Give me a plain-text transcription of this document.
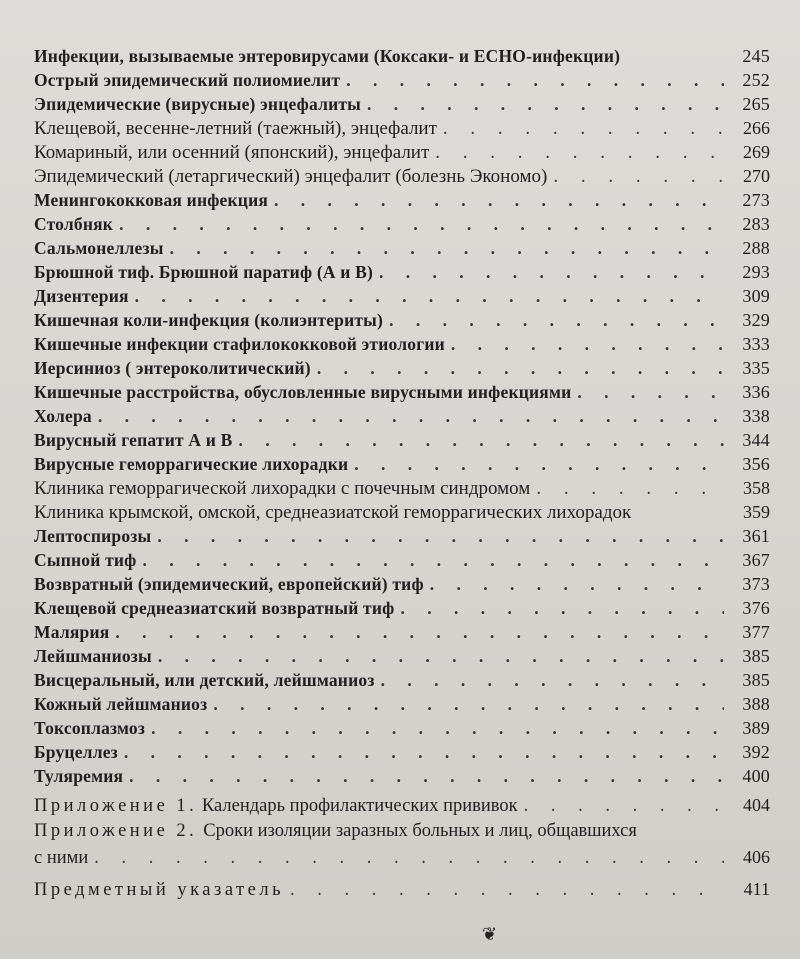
Инфекции, вызываемые энтеровирусами (Коксаки- и ЕСНО-инфекции)	245
Острый эпидемический полиомиелит . . .	252
Эпидемические (вирусные) энцефалиты . . .	265
Клещевой, весенне-летний (таежный), энцефалит . . .	266
Комариный, или осенний (японский), энцефалит . . .	269
Эпидемический (летаргический) энцефалит (болезнь Экономо) . . .	270
Менингококковая инфекция . . .	273
Столбняк . . .	283
Сальмонеллезы . . .	288
Брюшной тиф. Брюшной паратиф (А и В) . . .	293
Дизентерия . . .	309
Кишечная коли-инфекция (колиэнтериты) . . .	329
Кишечные инфекции стафилококковой этиологии . . .	333
Иерсиниоз ( энтероколитический) . . .	335
Кишечные расстройства, обусловленные вирусными инфекциями . . .	336
Холера . . .	338
Вирусный гепатит А и В . . .	344
Вирусные геморрагические лихорадки . . .	356
Клиника геморрагической лихорадки с почечным синдромом . . .	358
Клиника крымской, омской, среднеазиатской геморрагических лихорадок	359
Лептоспирозы . . .	361
Сыпной тиф . . .	367
Возвратный (эпидемический, европейский) тиф . . .	373
Клещевой среднеазиатский возвратный тиф . . .	376
Малярия . . .	377
Лейшманиозы . . .	385
Висцеральный, или детский, лейшманиоз . . .	385
Кожный лейшманиоз . . .	388
Токсоплазмоз . . .	389
Бруцеллез . . .	392
Туляремия . . .	400
Приложение 1. Календарь профилактических прививок . . .	404
Приложение 2. Сроки изоляции заразных больных и лиц, общавшихся
с ними . . .	406
Предметный указатель . . .	411
❦
